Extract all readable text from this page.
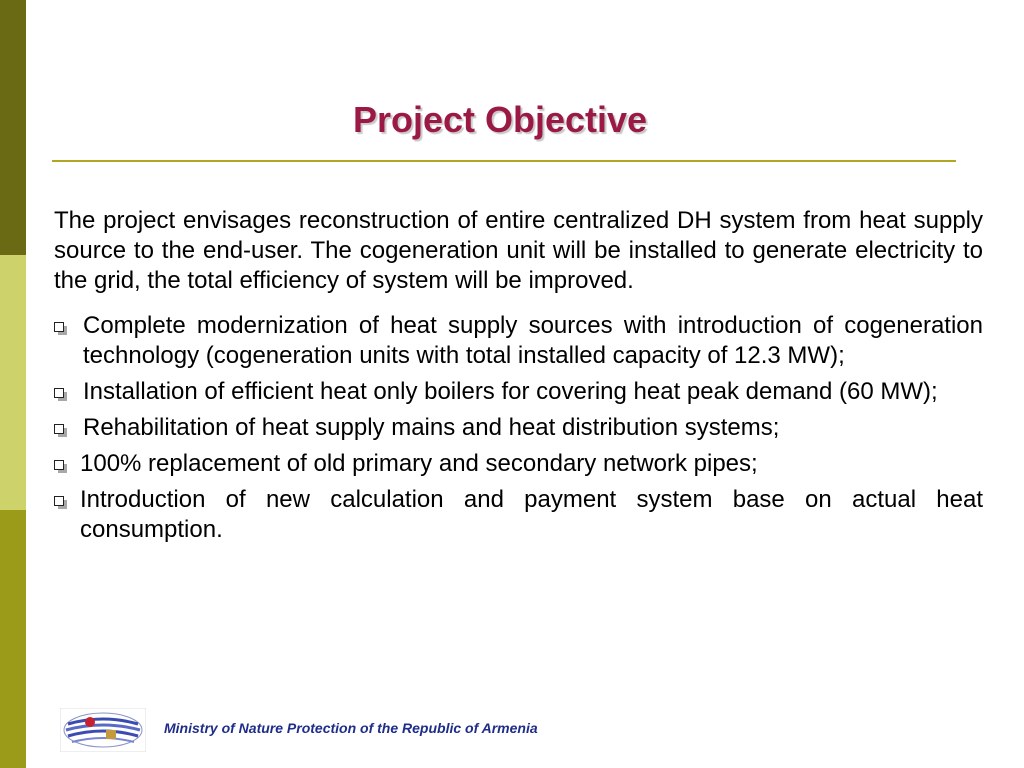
Project Objective

The project envisages reconstruction of entire centralized DH system from heat supply source to the end-user. The cogeneration unit will be installed to generate electricity to the grid, the total efficiency of system will be improved.

Complete modernization of heat supply sources with introduction of cogeneration technology (cogeneration units with total installed capacity of 12.3 MW);
Installation of efficient heat only boilers for covering heat peak demand (60 MW);
Rehabilitation of heat supply mains and heat distribution systems;
100% replacement of old primary and secondary network pipes;
Introduction of new calculation and payment system base on actual heat consumption.
Ministry of Nature Protection of the Republic of Armenia
